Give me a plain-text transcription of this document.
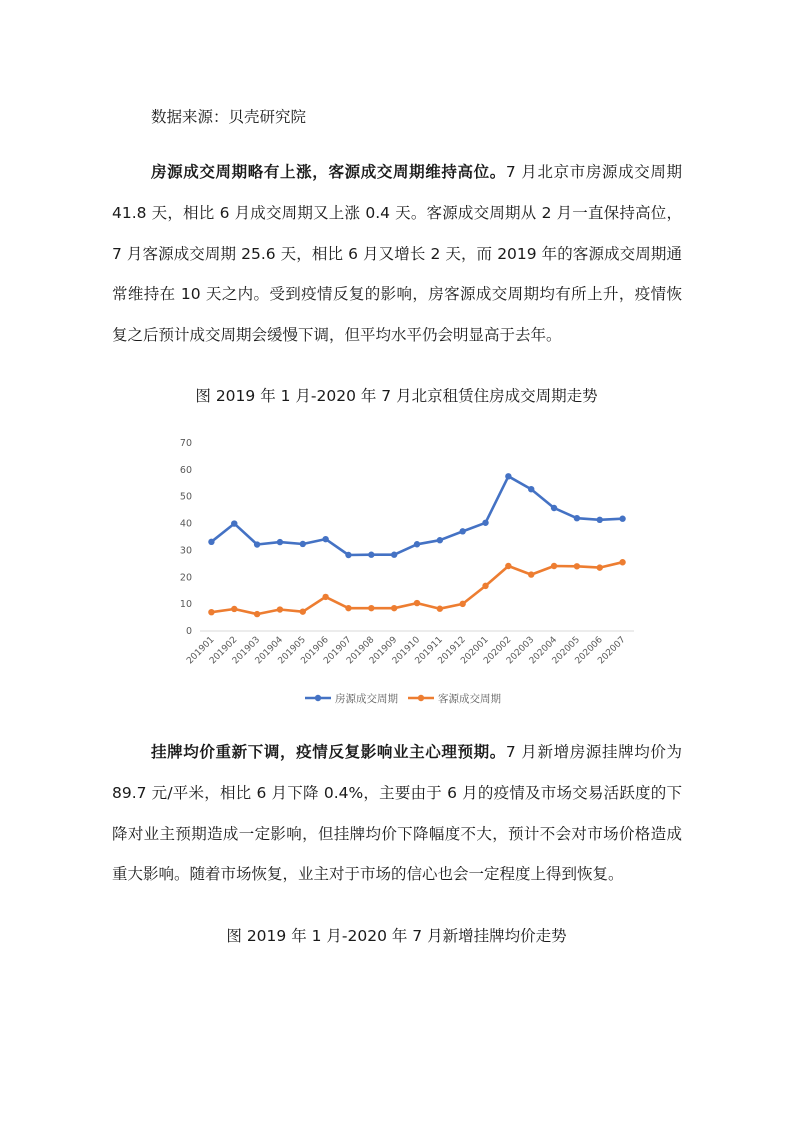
数据来源：贝壳研究院

房源成交周期略有上涨，客源成交周期维持高位。7 月北京市房源成交周期 41.8 天，相比 6 月成交周期又上涨 0.4 天。客源成交周期从 2 月一直保持高位，7 月客源成交周期 25.6 天，相比 6 月又增长 2 天，而 2019 年的客源成交周期通常维持在 10 天之内。受到疫情反复的影响，房客源成交周期均有所上升，疫情恢复之后预计成交周期会缓慢下调，但平均水平仍会明显高于去年。

图 2019 年 1 月-2020 年 7 月北京租赁住房成交周期走势

0
10
20
30
40
50
60
70
201901
201902
201903
201904
201905
201906
201907
201908
201909
201910
201911
201912
202001
202002
202003
202004
202005
202006
202007
房源成交周期	客源成交周期

挂牌均价重新下调，疫情反复影响业主心理预期。7 月新增房源挂牌均价为 89.7 元/平米，相比 6 月下降 0.4%，主要由于 6 月的疫情及市场交易活跃度的下降对业主预期造成一定影响，但挂牌均价下降幅度不大，预计不会对市场价格造成重大影响。随着市场恢复，业主对于市场的信心也会一定程度上得到恢复。

图 2019 年 1 月-2020 年 7 月新增挂牌均价走势
